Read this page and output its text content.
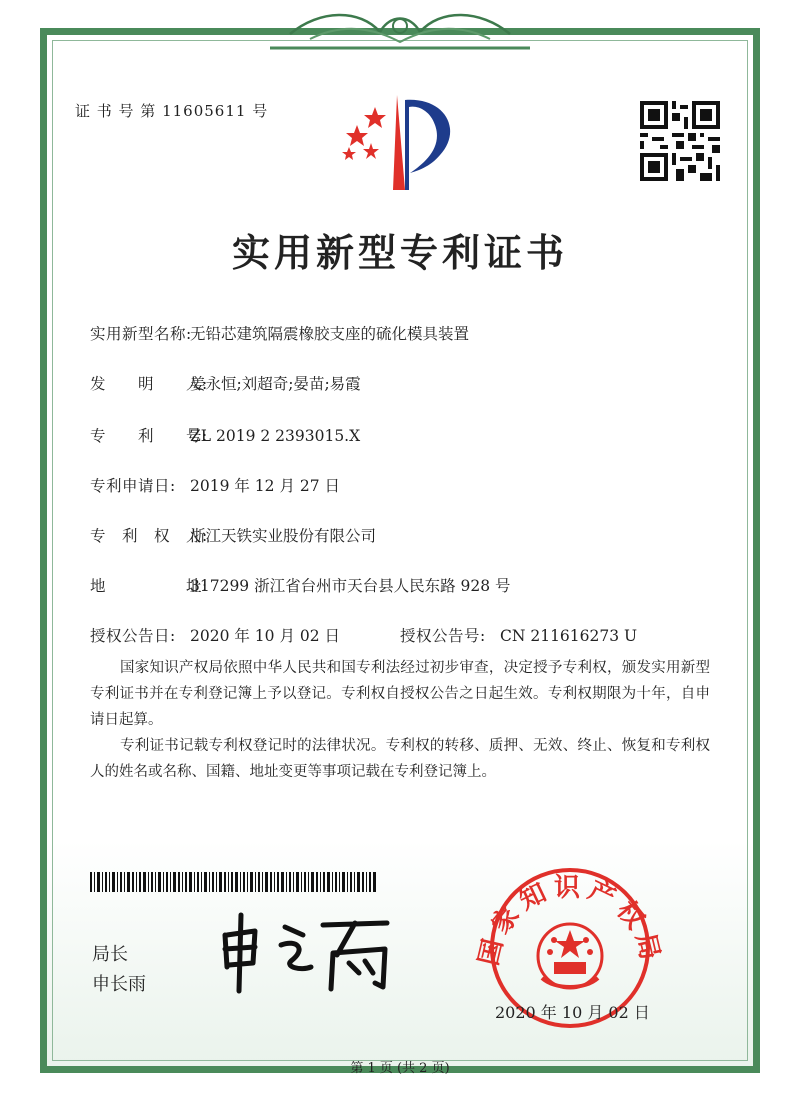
证 书 号 第 11605611 号
实用新型专利证书
实用新型名称:无铅芯建筑隔震橡胶支座的硫化模具装置
发　　明　　人:姜永恒;刘超奇;晏苗;易霞
专　　利　　号:ZL 2019 2 2393015.X
专利申请日: 2019 年 12 月 27 日
专　利　权　人:浙江天铁实业股份有限公司
地　　　　　址:317299 浙江省台州市天台县人民东路 928 号
授权公告日: 2020 年 10 月 02 日	授权公告号: CN 211616273 U
国家知识产权局依照中华人民共和国专利法经过初步审查，决定授予专利权，颁发实用新型专利证书并在专利登记簿上予以登记。专利权自授权公告之日起生效。专利权期限为十年，自申请日起算。
专利证书记载专利权登记时的法律状况。专利权的转移、质押、无效、终止、恢复和专利权人的姓名或名称、国籍、地址变更等事项记载在专利登记簿上。
局长
申长雨
国家知识产权局
2020 年 10 月 02 日
第 1 页 (共 2 页)
